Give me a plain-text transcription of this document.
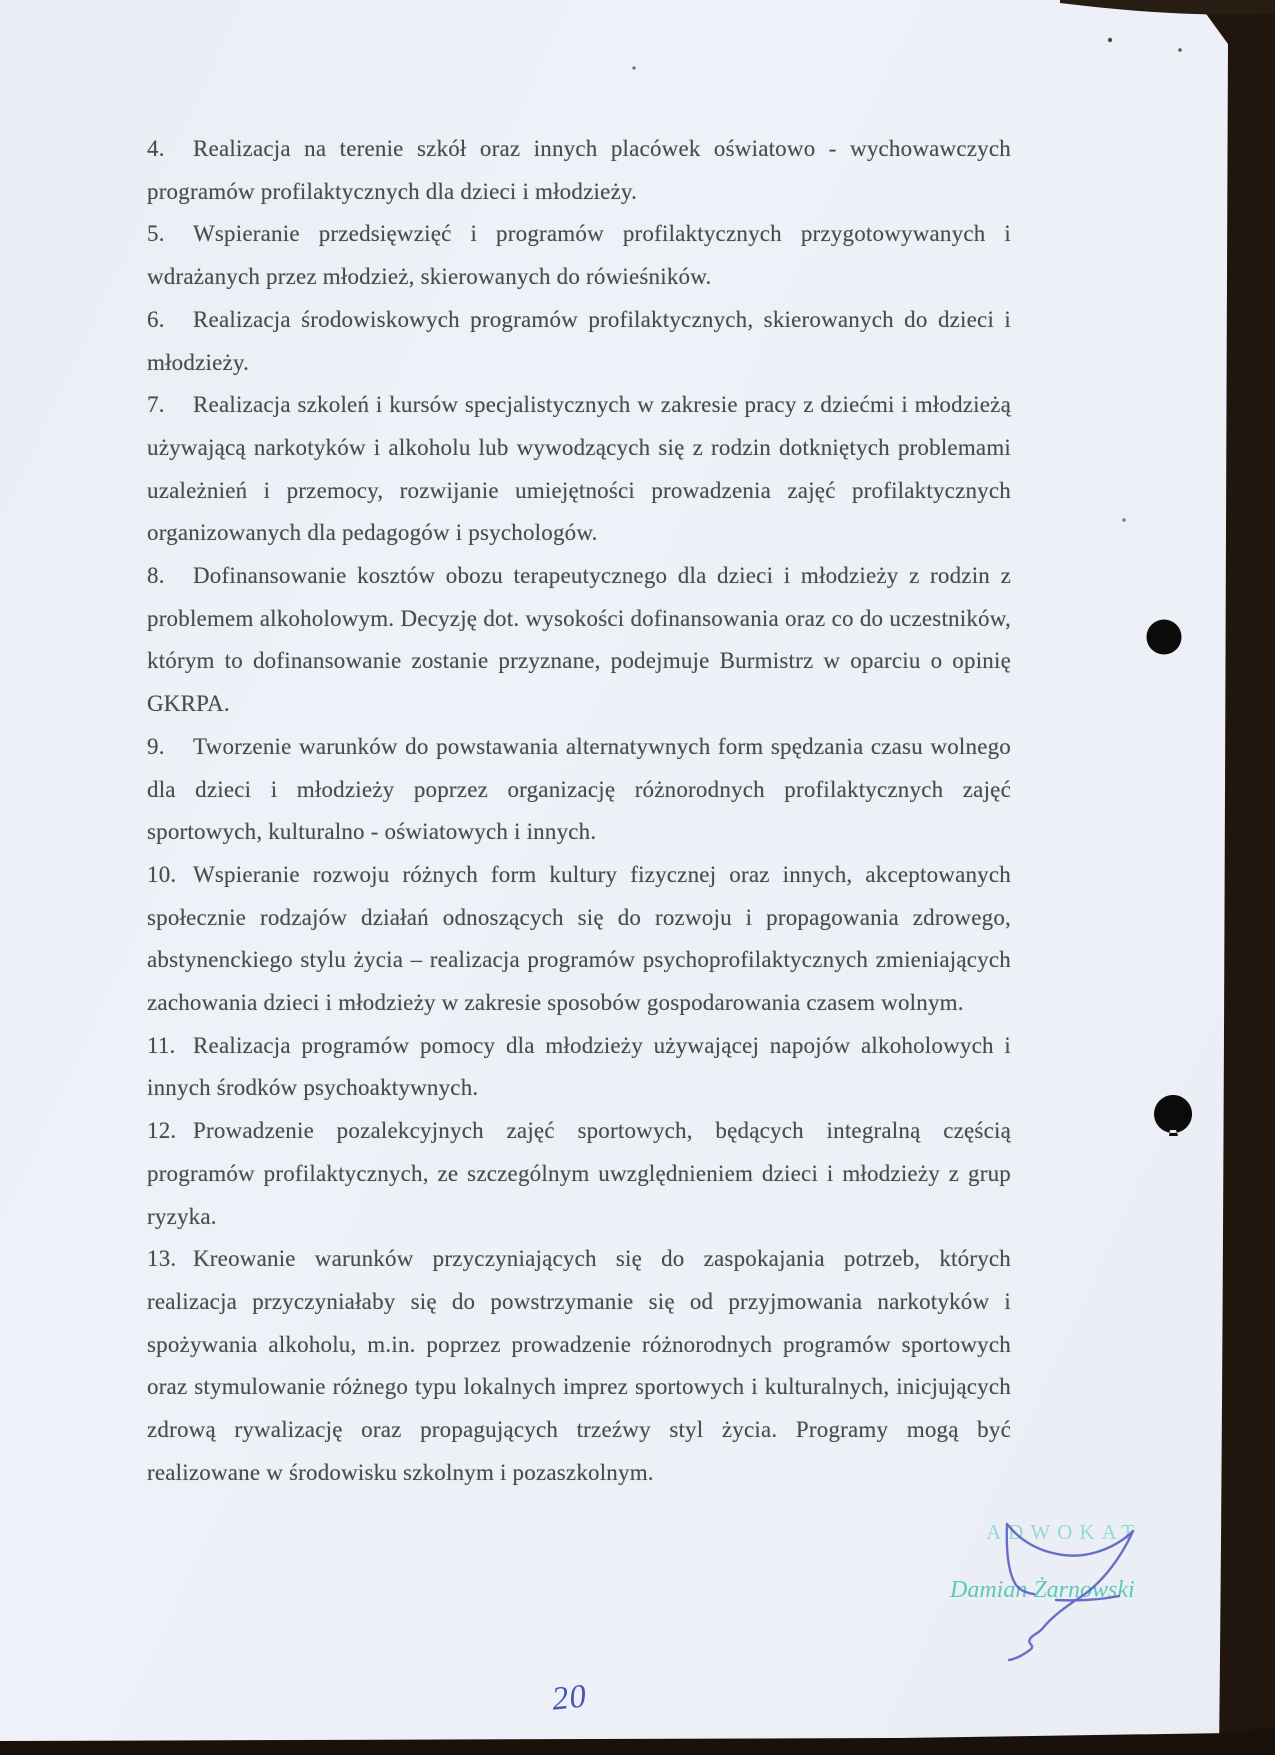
4. Realizacja na terenie szkół oraz innych placówek oświatowo - wychowawczych programów profilaktycznych dla dzieci i młodzieży.

5. Wspieranie przedsięwzięć i programów profilaktycznych przygotowywanych i wdrażanych przez młodzież, skierowanych do rówieśników.

6. Realizacja środowiskowych programów profilaktycznych, skierowanych do dzieci i młodzieży.

7. Realizacja szkoleń i kursów specjalistycznych w zakresie pracy z dziećmi i młodzieżą używającą narkotyków i alkoholu lub wywodzących się z rodzin dotkniętych problemami uzależnień i przemocy, rozwijanie umiejętności prowadzenia zajęć profilaktycznych organizowanych dla pedagogów i psychologów.

8. Dofinansowanie kosztów obozu terapeutycznego dla dzieci i młodzieży z rodzin z problemem alkoholowym. Decyzję dot. wysokości dofinansowania oraz co do uczestników, którym to dofinansowanie zostanie przyznane, podejmuje Burmistrz w oparciu o opinię GKRPA.

9. Tworzenie warunków do powstawania alternatywnych form spędzania czasu wolnego dla dzieci i młodzieży poprzez organizację różnorodnych profilaktycznych zajęć sportowych, kulturalno - oświatowych i innych.

10. Wspieranie rozwoju różnych form kultury fizycznej oraz innych, akceptowanych społecznie rodzajów działań odnoszących się do rozwoju i propagowania zdrowego, abstynenckiego stylu życia – realizacja programów psychoprofilaktycznych zmieniających zachowania dzieci i młodzieży w zakresie sposobów gospodarowania czasem wolnym.

11. Realizacja programów pomocy dla młodzieży używającej napojów alkoholowych i innych środków psychoaktywnych.

12. Prowadzenie pozalekcyjnych zajęć sportowych, będących integralną częścią programów profilaktycznych, ze szczególnym uwzględnieniem dzieci i młodzieży z grup ryzyka.

13. Kreowanie warunków przyczyniających się do zaspokajania potrzeb, których realizacja przyczyniałaby się do powstrzymanie się od przyjmowania narkotyków i spożywania alkoholu, m.in. poprzez prowadzenie różnorodnych programów sportowych oraz stymulowanie różnego typu lokalnych imprez sportowych i kulturalnych, inicjujących zdrową rywalizację oraz propagujących trzeźwy styl życia. Programy mogą być realizowane w środowisku szkolnym i pozaszkolnym.

ADWOKAT
Damian Żarnowski
20
